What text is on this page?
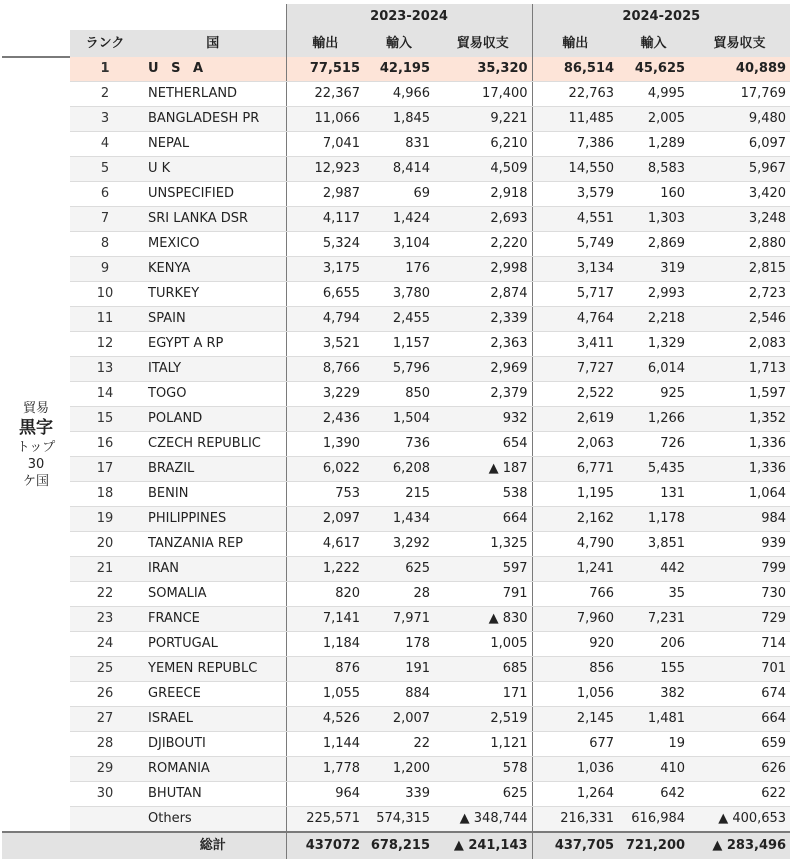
			2023-2024			2024-2025		
	ランク	国	輸出	輸入	貿易収支	輸出	輸入	貿易収支

貿易
黒字
トップ
30
ケ国	1	U S A	77,515	42,195	35,320	86,514	45,625	40,889
	2	NETHERLAND	22,367	4,966	17,400	22,763	4,995	17,769
	3	BANGLADESH PR	11,066	1,845	9,221	11,485	2,005	9,480
	4	NEPAL	7,041	831	6,210	7,386	1,289	6,097
	5	U K	12,923	8,414	4,509	14,550	8,583	5,967
	6	UNSPECIFIED	2,987	69	2,918	3,579	160	3,420
	7	SRI LANKA DSR	4,117	1,424	2,693	4,551	1,303	3,248
	8	MEXICO	5,324	3,104	2,220	5,749	2,869	2,880
	9	KENYA	3,175	176	2,998	3,134	319	2,815
	10	TURKEY	6,655	3,780	2,874	5,717	2,993	2,723
	11	SPAIN	4,794	2,455	2,339	4,764	2,218	2,546
	12	EGYPT A RP	3,521	1,157	2,363	3,411	1,329	2,083
	13	ITALY	8,766	5,796	2,969	7,727	6,014	1,713
	14	TOGO	3,229	850	2,379	2,522	925	1,597
	15	POLAND	2,436	1,504	932	2,619	1,266	1,352
	16	CZECH REPUBLIC	1,390	736	654	2,063	726	1,336
	17	BRAZIL	6,022	6,208	▲ 187	6,771	5,435	1,336
	18	BENIN	753	215	538	1,195	131	1,064
	19	PHILIPPINES	2,097	1,434	664	2,162	1,178	984
	20	TANZANIA REP	4,617	3,292	1,325	4,790	3,851	939
	21	IRAN	1,222	625	597	1,241	442	799
	22	SOMALIA	820	28	791	766	35	730
	23	FRANCE	7,141	7,971	▲ 830	7,960	7,231	729
	24	PORTUGAL	1,184	178	1,005	920	206	714
	25	YEMEN REPUBLC	876	191	685	856	155	701
	26	GREECE	1,055	884	171	1,056	382	674
	27	ISRAEL	4,526	2,007	2,519	2,145	1,481	664
	28	DJIBOUTI	1,144	22	1,121	677	19	659
	29	ROMANIA	1,778	1,200	578	1,036	410	626
	30	BHUTAN	964	339	625	1,264	642	622
		Others	225,571	574,315	▲ 348,744	216,331	616,984	▲ 400,653
		総計	437072	678,215	▲ 241,143	437,705	721,200	▲ 283,496
